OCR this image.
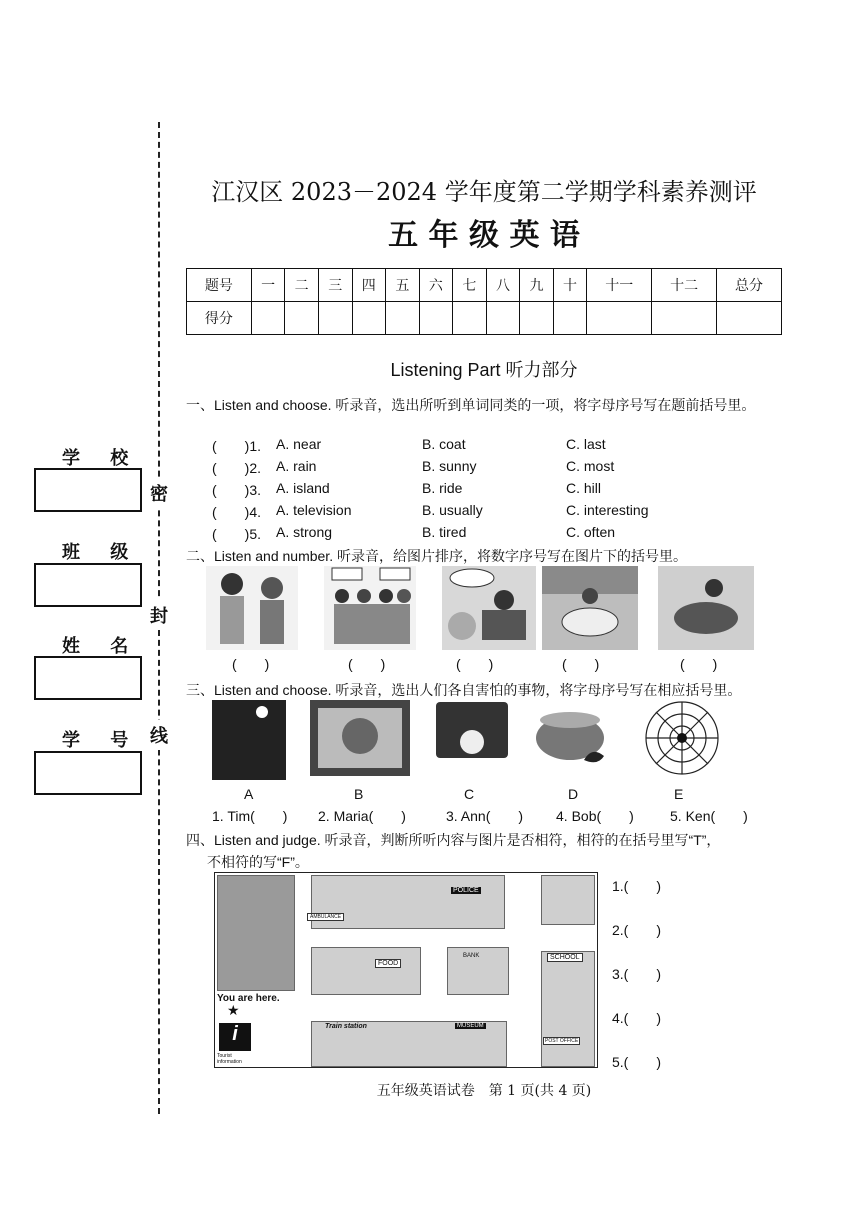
密
封
线
学 校
班 级
姓 名
学 号
江汉区 2023－2024 学年度第二学期学科素养测评
五 年 级 英 语
题号	一	二	三	四	五	六	七	八	九	十	十一	十二	总分
得分													
Listening Part 听力部分
一、Listen and choose. 听录音，选出所听到单词同类的一项，将字母序号写在题前括号里。
(　　)1. A. near	B. coat	C. last
(　　)2. A. rain	B. sunny	C. most
(　　)3. A. island	B. ride	C. hill
(　　)4. A. television	B. usually	C. interesting
(　　)5. A. strong	B. tired	C. often
二、Listen and number. 听录音，给图片排序，将数字序号写在图片下的括号里。
(　　)	(　　)	(　　)	(　　)	(　　)
三、Listen and choose. 听录音，选出人们各自害怕的事物，将字母序号写在相应括号里。
A	B	C	D	E
1. Tim(　　) 2. Maria(　　)	3. Ann(　　) 4. Bob(　　)	5. Ken(　　)
四、Listen and judge. 听录音，判断所听内容与图片是否相符，相符的在括号里写“T”，
不相符的写“F”。
You are here.
★
i
Tourist information
AMBULANCE
POLICE
FOOD
BANK
Train station	MUSEUM
SCHOOL
POST OFFICE
1.(　　)
2.(　　)
3.(　　)
4.(　　)
5.(　　)
五年级英语试卷　第 1 页(共 4 页)
